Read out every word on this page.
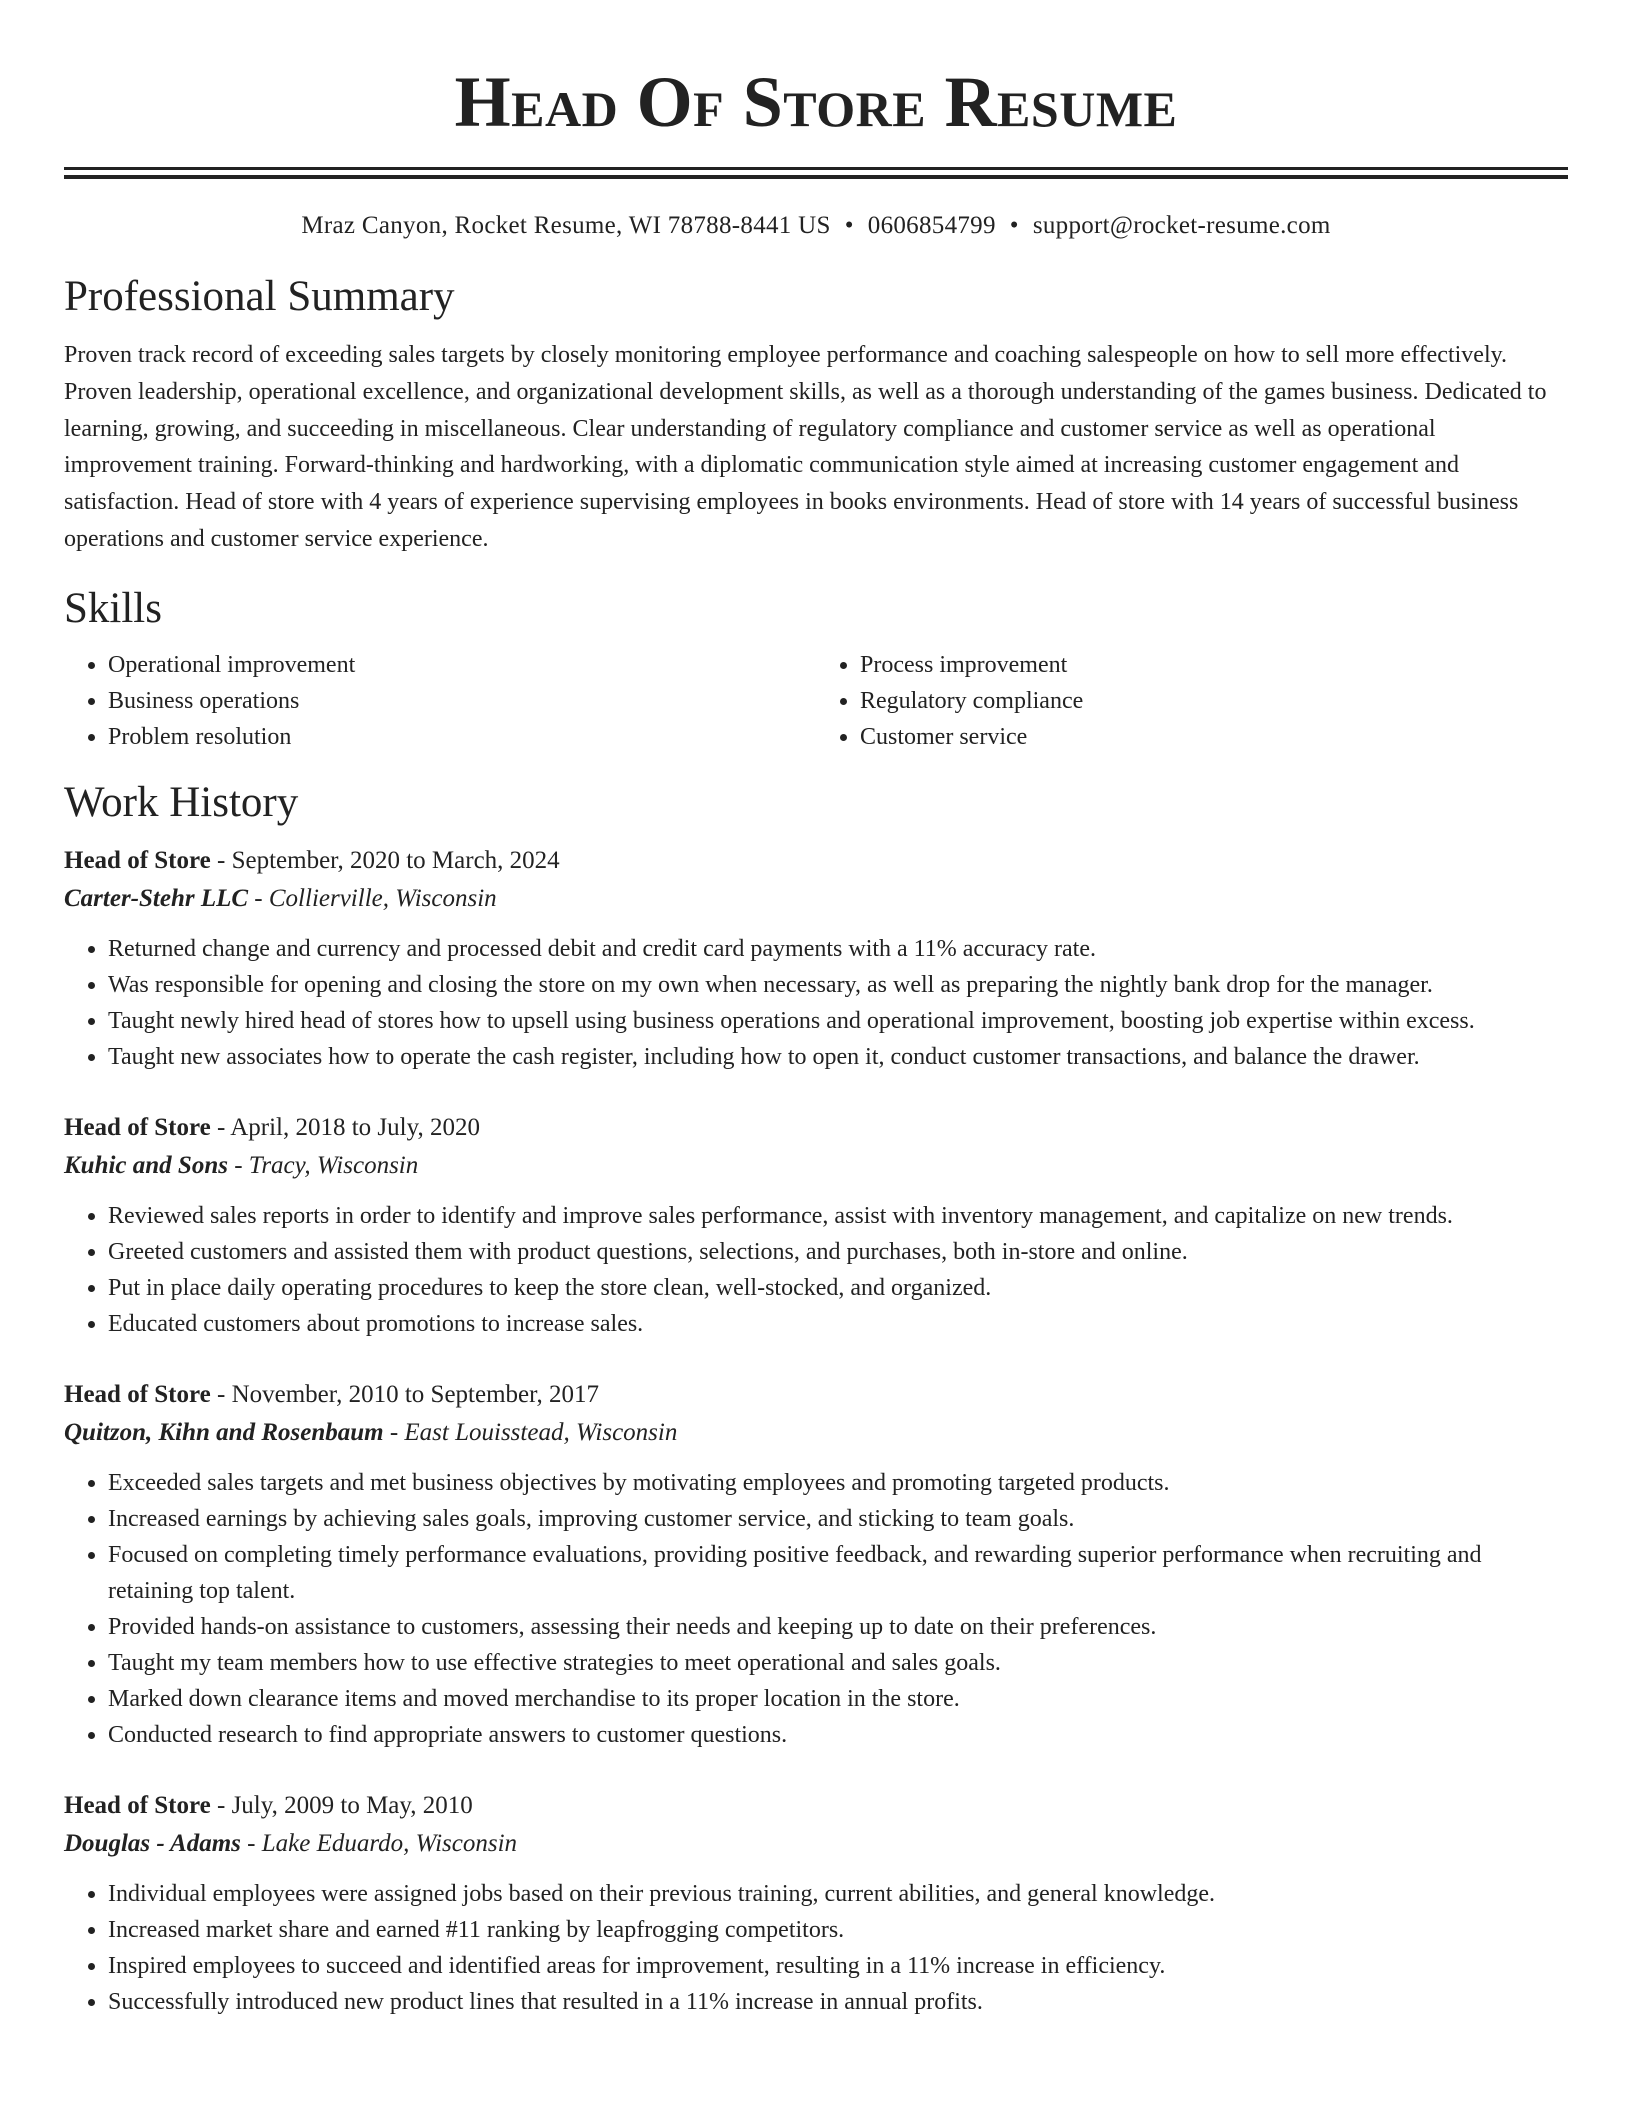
Head Of Store Resume
Mraz Canyon, Rocket Resume, WI 78788-8441 US • 0606854799 • support@rocket-resume.com
Professional Summary

Proven track record of exceeding sales targets by closely monitoring employee performance and coaching salespeople on how to sell more effectively. Proven leadership, operational excellence, and organizational development skills, as well as a thorough understanding of the games business. Dedicated to learning, growing, and succeeding in miscellaneous. Clear understanding of regulatory compliance and customer service as well as operational improvement training. Forward-thinking and hardworking, with a diplomatic communication style aimed at increasing customer engagement and satisfaction. Head of store with 4 years of experience supervising employees in books environments. Head of store with 14 years of successful business operations and customer service experience.

Skills
• Operational improvement
• Business operations
• Problem resolution
• Process improvement
• Regulatory compliance
• Customer service
Work History
Head of Store - September, 2020 to March, 2024
Carter-Stehr LLC - Collierville, Wisconsin
• Returned change and currency and processed debit and credit card payments with a 11% accuracy rate.
• Was responsible for opening and closing the store on my own when necessary, as well as preparing the nightly bank drop for the manager.
• Taught newly hired head of stores how to upsell using business operations and operational improvement, boosting job expertise within excess.
• Taught new associates how to operate the cash register, including how to open it, conduct customer transactions, and balance the drawer.
Head of Store - April, 2018 to July, 2020
Kuhic and Sons - Tracy, Wisconsin
• Reviewed sales reports in order to identify and improve sales performance, assist with inventory management, and capitalize on new trends.
• Greeted customers and assisted them with product questions, selections, and purchases, both in-store and online.
• Put in place daily operating procedures to keep the store clean, well-stocked, and organized.
• Educated customers about promotions to increase sales.
Head of Store - November, 2010 to September, 2017
Quitzon, Kihn and Rosenbaum - East Louisstead, Wisconsin
• Exceeded sales targets and met business objectives by motivating employees and promoting targeted products.
• Increased earnings by achieving sales goals, improving customer service, and sticking to team goals.
• Focused on completing timely performance evaluations, providing positive feedback, and rewarding superior performance when recruiting and retaining top talent.
• Provided hands-on assistance to customers, assessing their needs and keeping up to date on their preferences.
• Taught my team members how to use effective strategies to meet operational and sales goals.
• Marked down clearance items and moved merchandise to its proper location in the store.
• Conducted research to find appropriate answers to customer questions.
Head of Store - July, 2009 to May, 2010
Douglas - Adams - Lake Eduardo, Wisconsin
• Individual employees were assigned jobs based on their previous training, current abilities, and general knowledge.
• Increased market share and earned #11 ranking by leapfrogging competitors.
• Inspired employees to succeed and identified areas for improvement, resulting in a 11% increase in efficiency.
• Successfully introduced new product lines that resulted in a 11% increase in annual profits.
